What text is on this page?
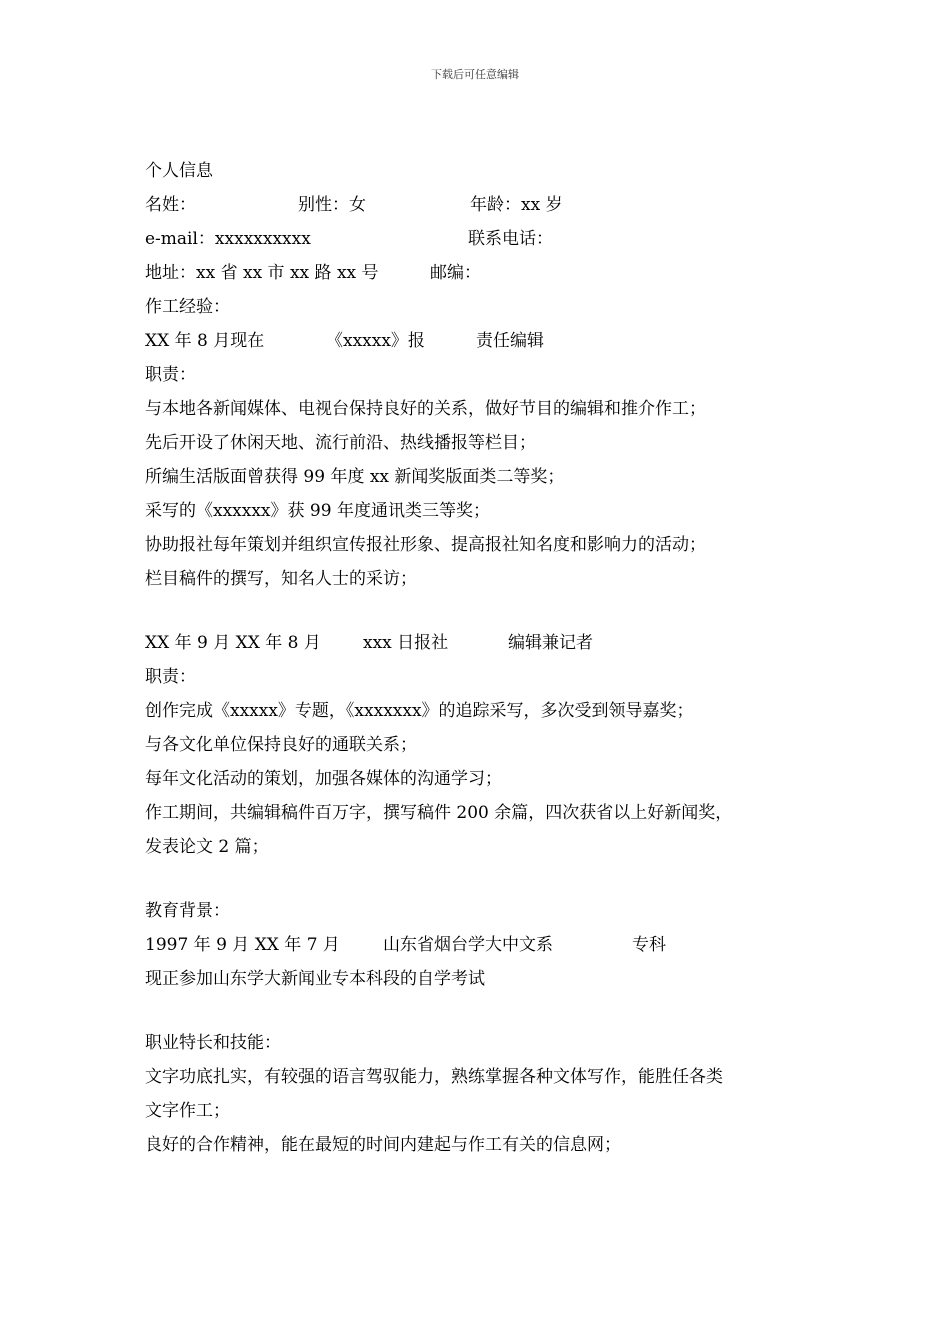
下载后可任意编辑
个人信息
名姓：	别性：女	年龄：xx 岁
e-mail：xxxxxxxxxx	联系电话：
地址：xx 省 xx 市 xx 路 xx 号	邮编：
作工经验：
XX 年 8 月现在	《xxxxx》报	责任编辑
职责：
与本地各新闻媒体、电视台保持良好的关系，做好节目的编辑和推介作工；
先后开设了休闲天地、流行前沿、热线播报等栏目；
所编生活版面曾获得 99 年度 xx 新闻奖版面类二等奖；
采写的《xxxxxx》获 99 年度通讯类三等奖；
协助报社每年策划并组织宣传报社形象、提高报社知名度和影响力的活动；
栏目稿件的撰写，知名人士的采访；
XX 年 9 月 XX 年 8 月 xxx 日报社	编辑兼记者
职责：
创作完成《xxxxx》专题，《xxxxxxx》的追踪采写，多次受到领导嘉奖；
与各文化单位保持良好的通联关系；
每年文化活动的策划，加强各媒体的沟通学习；
作工期间，共编辑稿件百万字，撰写稿件 200 余篇，四次获省以上好新闻奖，
发表论文 2 篇；
教育背景：
1997 年 9 月 XX 年 7 月	山东省烟台学大中文系	专科
现正参加山东学大新闻业专本科段的自学考试
职业特长和技能：
文字功底扎实，有较强的语言驾驭能力，熟练掌握各种文体写作，能胜任各类
文字作工；
良好的合作精神，能在最短的时间内建起与作工有关的信息网；
